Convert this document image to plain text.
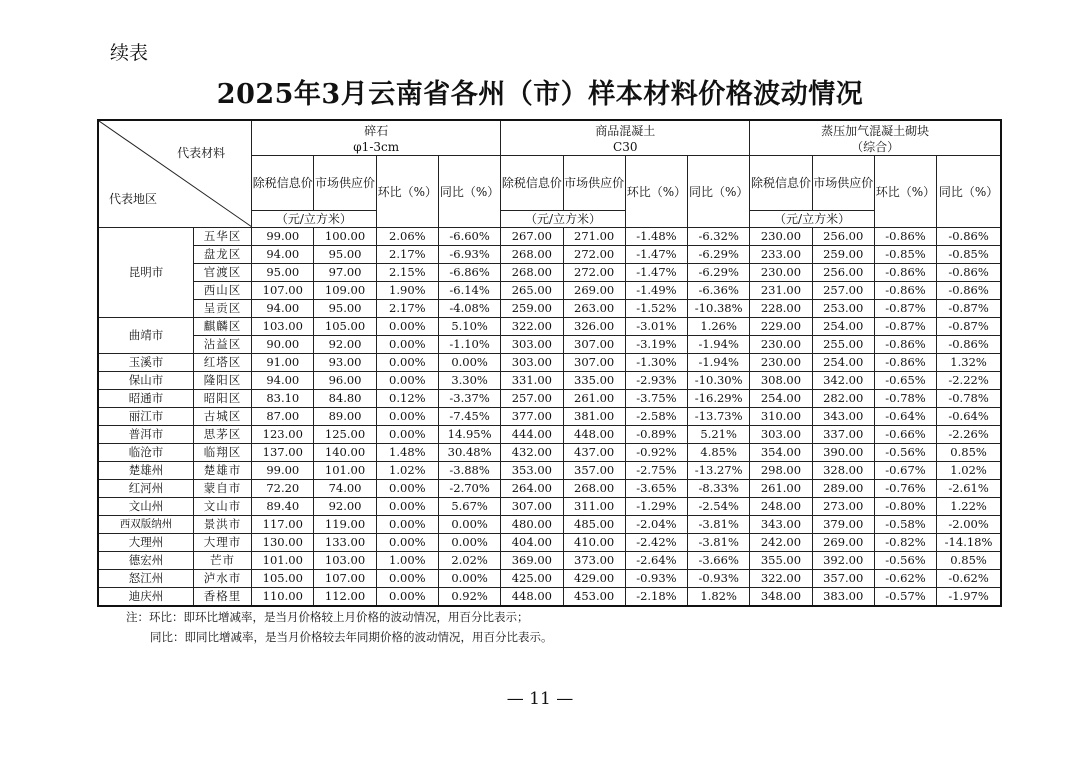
续表
2025年3月云南省各州（市）样本材料价格波动情况
代表材料
代表地区		碎石				商品混凝土				蒸压加气混凝土砌块			
		φ1-3cm				C30				（综合）			
		除税信息价	市场供应价	环比（%）	同比（%）	除税信息价	市场供应价	环比（%）	同比（%）	除税信息价	市场供应价	环比（%）	同比（%）
		（元/立方米）				（元/立方米）				（元/立方米）			
昆明市	五华区	99.00	100.00	2.06%	-6.60%	267.00	271.00	-1.48%	-6.32%	230.00	256.00	-0.86%	-0.86%
	盘龙区	94.00	95.00	2.17%	-6.93%	268.00	272.00	-1.47%	-6.29%	233.00	259.00	-0.85%	-0.85%
	官渡区	95.00	97.00	2.15%	-6.86%	268.00	272.00	-1.47%	-6.29%	230.00	256.00	-0.86%	-0.86%
	西山区	107.00	109.00	1.90%	-6.14%	265.00	269.00	-1.49%	-6.36%	231.00	257.00	-0.86%	-0.86%
	呈贡区	94.00	95.00	2.17%	-4.08%	259.00	263.00	-1.52%	-10.38%	228.00	253.00	-0.87%	-0.87%
曲靖市	麒麟区	103.00	105.00	0.00%	5.10%	322.00	326.00	-3.01%	1.26%	229.00	254.00	-0.87%	-0.87%
	沾益区	90.00	92.00	0.00%	-1.10%	303.00	307.00	-3.19%	-1.94%	230.00	255.00	-0.86%	-0.86%
玉溪市	红塔区	91.00	93.00	0.00%	0.00%	303.00	307.00	-1.30%	-1.94%	230.00	254.00	-0.86%	1.32%
保山市	隆阳区	94.00	96.00	0.00%	3.30%	331.00	335.00	-2.93%	-10.30%	308.00	342.00	-0.65%	-2.22%
昭通市	昭阳区	83.10	84.80	0.12%	-3.37%	257.00	261.00	-3.75%	-16.29%	254.00	282.00	-0.78%	-0.78%
丽江市	古城区	87.00	89.00	0.00%	-7.45%	377.00	381.00	-2.58%	-13.73%	310.00	343.00	-0.64%	-0.64%
普洱市	思茅区	123.00	125.00	0.00%	14.95%	444.00	448.00	-0.89%	5.21%	303.00	337.00	-0.66%	-2.26%
临沧市	临翔区	137.00	140.00	1.48%	30.48%	432.00	437.00	-0.92%	4.85%	354.00	390.00	-0.56%	0.85%
楚雄州	楚雄市	99.00	101.00	1.02%	-3.88%	353.00	357.00	-2.75%	-13.27%	298.00	328.00	-0.67%	1.02%
红河州	蒙自市	72.20	74.00	0.00%	-2.70%	264.00	268.00	-3.65%	-8.33%	261.00	289.00	-0.76%	-2.61%
文山州	文山市	89.40	92.00	0.00%	5.67%	307.00	311.00	-1.29%	-2.54%	248.00	273.00	-0.80%	1.22%
西双版纳州	景洪市	117.00	119.00	0.00%	0.00%	480.00	485.00	-2.04%	-3.81%	343.00	379.00	-0.58%	-2.00%
大理州	大理市	130.00	133.00	0.00%	0.00%	404.00	410.00	-2.42%	-3.81%	242.00	269.00	-0.82%	-14.18%
德宏州	芒市	101.00	103.00	1.00%	2.02%	369.00	373.00	-2.64%	-3.66%	355.00	392.00	-0.56%	0.85%
怒江州	泸水市	105.00	107.00	0.00%	0.00%	425.00	429.00	-0.93%	-0.93%	322.00	357.00	-0.62%	-0.62%
迪庆州	香格里	110.00	112.00	0.00%	0.92%	448.00	453.00	-2.18%	1.82%	348.00	383.00	-0.57%	-1.97%
注：环比：即环比增减率，是当月价格较上月价格的波动情况，用百分比表示；
同比：即同比增减率，是当月价格较去年同期价格的波动情况，用百分比表示。
— 11 —
